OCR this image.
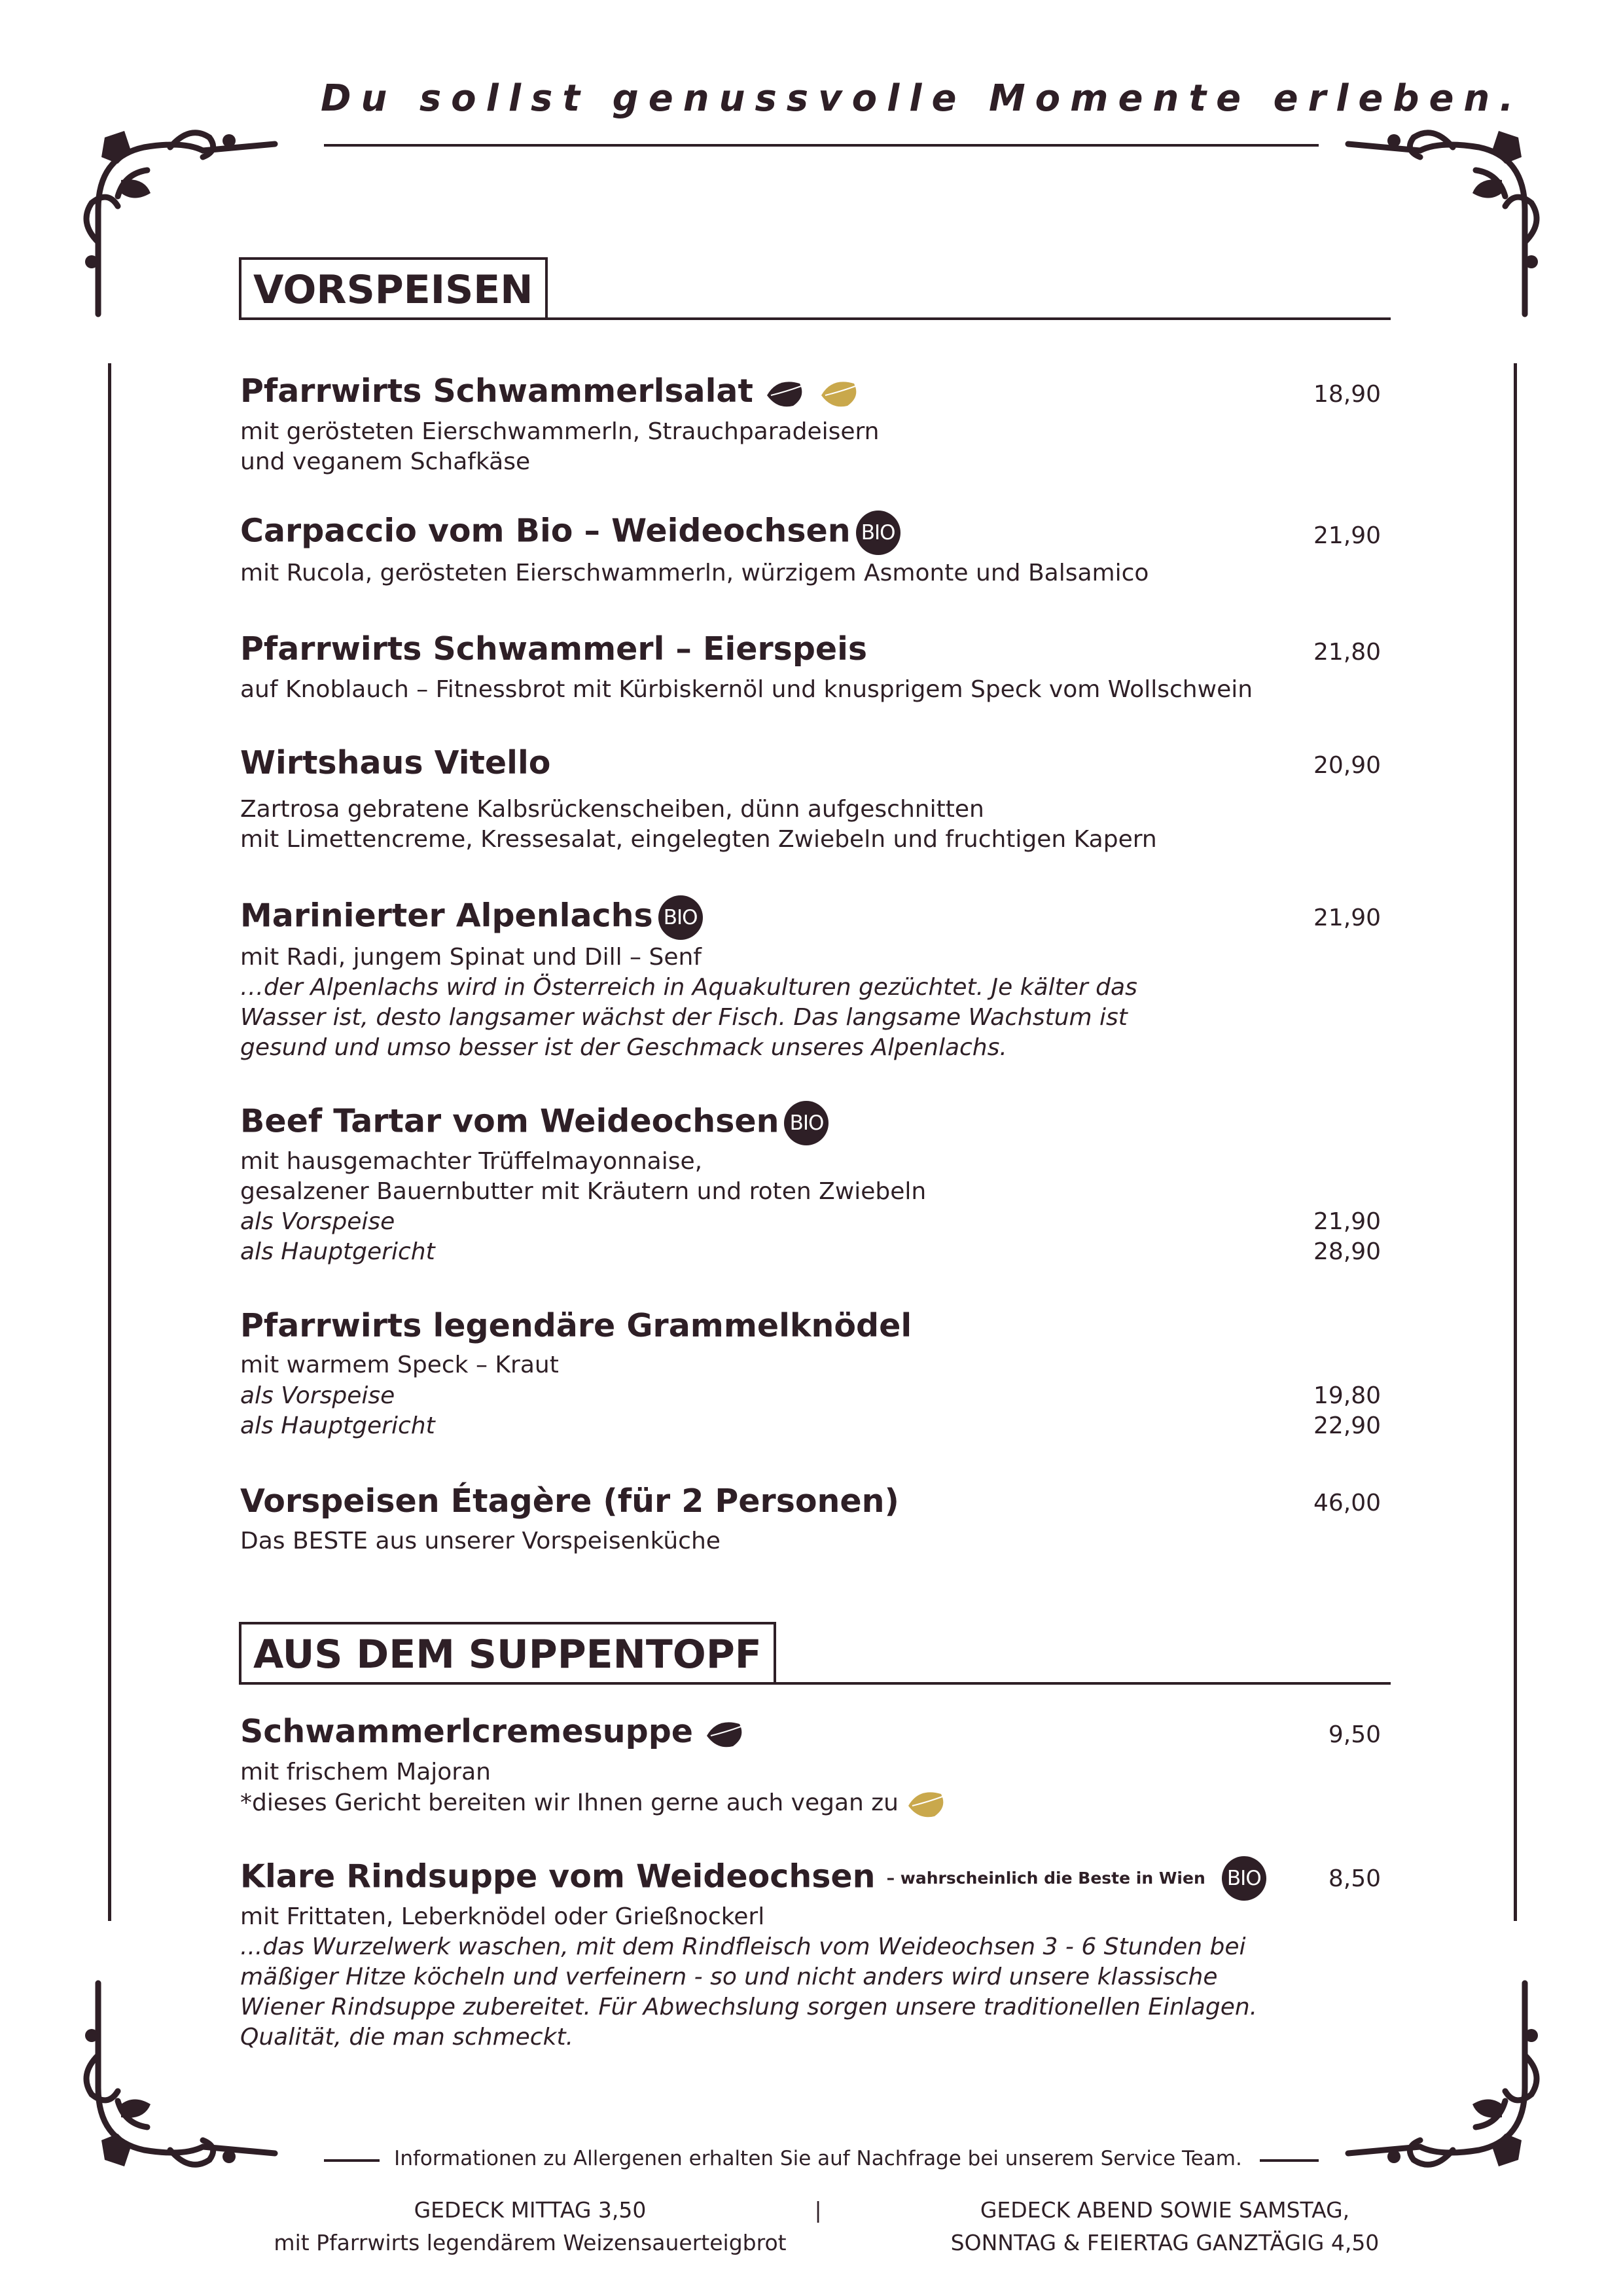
Du sollst genussvolle Momente erleben.
VORSPEISEN
Pfarrwirts Schwammerlsalat	18,90
mit gerösteten Eierschwammerln, Strauchparadeisern
und veganem Schafkäse
Carpaccio vom Bio – Weideochsen BIO	21,90
mit Rucola, gerösteten Eierschwammerln, würzigem Asmonte und Balsamico
Pfarrwirts Schwammerl – Eierspeis	21,80
auf Knoblauch – Fitnessbrot mit Kürbiskernöl und knusprigem Speck vom Wollschwein
Wirtshaus Vitello	20,90
Zartrosa gebratene Kalbsrückenscheiben, dünn aufgeschnitten
mit Limettencreme, Kressesalat, eingelegten Zwiebeln und fruchtigen Kapern
Marinierter Alpenlachs BIO	21,90
mit Radi, jungem Spinat und Dill – Senf
…der Alpenlachs wird in Österreich in Aquakulturen gezüchtet. Je kälter das
Wasser ist, desto langsamer wächst der Fisch. Das langsame Wachstum ist
gesund und umso besser ist der Geschmack unseres Alpenlachs.
Beef Tartar vom Weideochsen BIO
mit hausgemachter Trüffelmayonnaise,
gesalzener Bauernbutter mit Kräutern und roten Zwiebeln
als Vorspeise	21,90
als Hauptgericht	28,90
Pfarrwirts legendäre Grammelknödel
mit warmem Speck – Kraut
als Vorspeise	19,80
als Hauptgericht	22,90
Vorspeisen Étagère (für 2 Personen)	46,00
Das BESTE aus unserer Vorspeisenküche
AUS DEM SUPPENTOPF
Schwammerlcremesuppe	9,50
mit frischem Majoran
*dieses Gericht bereiten wir Ihnen gerne auch vegan zu
Klare Rindsuppe vom Weideochsen – wahrscheinlich die Beste in Wien BIO	8,50
mit Frittaten, Leberknödel oder Grießnockerl
...das Wurzelwerk waschen, mit dem Rindfleisch vom Weideochsen 3 - 6 Stunden bei
mäßiger Hitze köcheln und verfeinern - so und nicht anders wird unsere klassische
Wiener Rindsuppe zubereitet. Für Abwechslung sorgen unsere traditionellen Einlagen.
Qualität, die man schmeckt.
Informationen zu Allergenen erhalten Sie auf Nachfrage bei unserem Service Team.
GEDECK MITTAG 3,50
mit Pfarrwirts legendärem Weizensauerteigbrot
|	GEDECK ABEND SOWIE SAMSTAG,
SONNTAG & FEIERTAG GANZTÄGIG 4,50
